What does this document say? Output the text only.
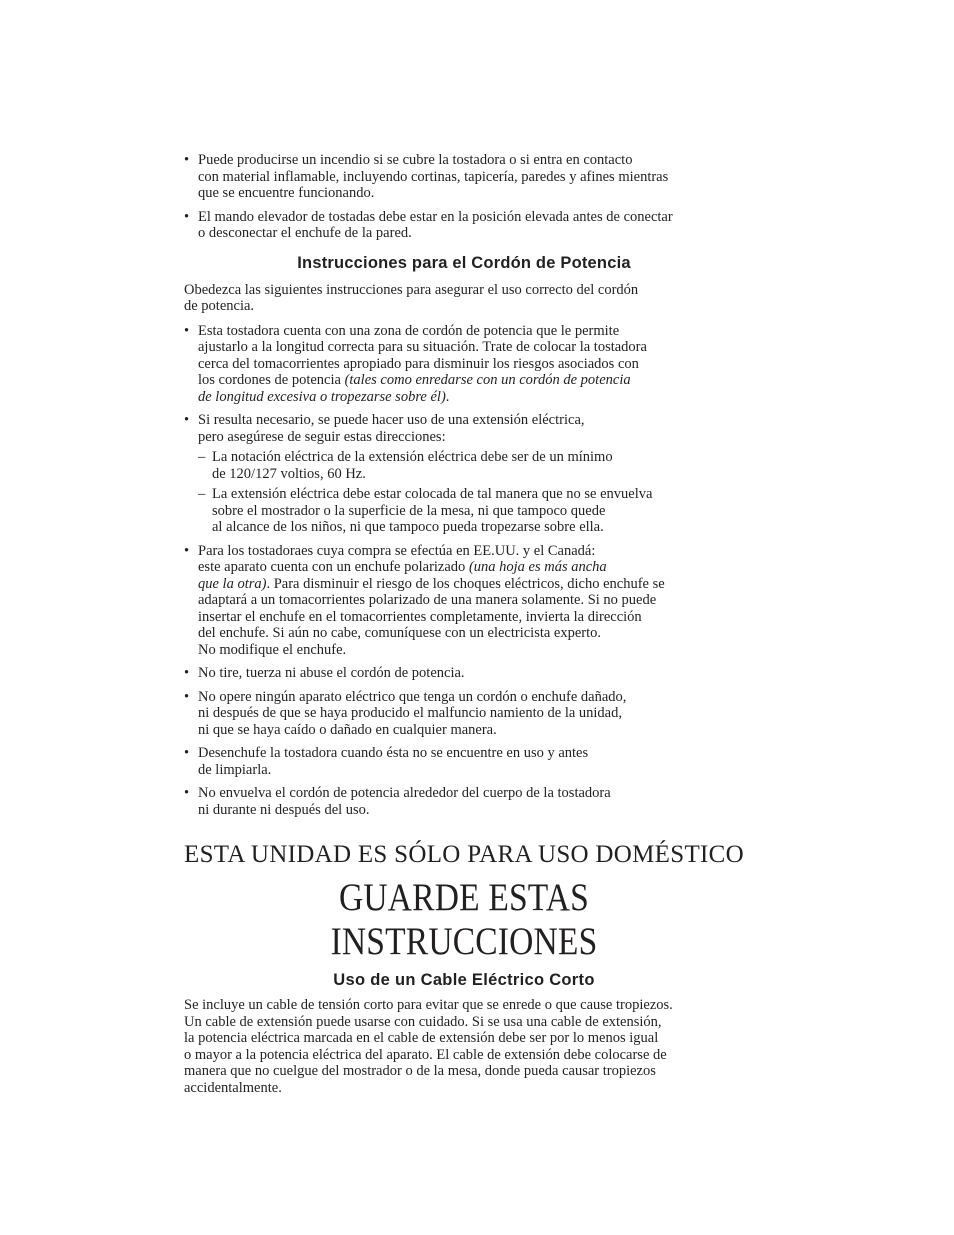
• Puede producirse un incendio si se cubre la tostadora o si entra en contacto
con material inflamable, incluyendo cortinas, tapicería, paredes y afines mientras
que se encuentre funcionando.
• El mando elevador de tostadas debe estar en la posición elevada antes de conectar
o desconectar el enchufe de la pared.
Instrucciones para el Cordón de Potencia
Obedezca las siguientes instrucciones para asegurar el uso correcto del cordón
de potencia.
• Esta tostadora cuenta con una zona de cordón de potencia que le permite
ajustarlo a la longitud correcta para su situación. Trate de colocar la tostadora
cerca del tomacorrientes apropiado para disminuir los riesgos asociados con
los cordones de potencia (tales como enredarse con un cordón de potencia
de longitud excesiva o tropezarse sobre él).
• Si resulta necesario, se puede hacer uso de una extensión eléctrica,
pero asegúrese de seguir estas direcciones:
– La notación eléctrica de la extensión eléctrica debe ser de un mínimo
de 120/127 voltios, 60 Hz.
– La extensión eléctrica debe estar colocada de tal manera que no se envuelva
sobre el mostrador o la superficie de la mesa, ni que tampoco quede
al alcance de los niños, ni que tampoco pueda tropezarse sobre ella.
• Para los tostadoraes cuya compra se efectúa en EE.UU. y el Canadá:
este aparato cuenta con un enchufe polarizado (una hoja es más ancha
que la otra). Para disminuir el riesgo de los choques eléctricos, dicho enchufe se
adaptará a un tomacorrientes polarizado de una manera solamente. Si no puede
insertar el enchufe en el tomacorrientes completamente, invierta la dirección
del enchufe. Si aún no cabe, comuníquese con un electricista experto.
No modifique el enchufe.
• No tire, tuerza ni abuse el cordón de potencia.
• No opere ningún aparato eléctrico que tenga un cordón o enchufe dañado,
ni después de que se haya producido el malfuncio namiento de la unidad,
ni que se haya caído o dañado en cualquier manera.
• Desenchufe la tostadora cuando ésta no se encuentre en uso y antes
de limpiarla.
• No envuelva el cordón de potencia alrededor del cuerpo de la tostadora
ni durante ni después del uso.
ESTA UNIDAD ES SÓLO PARA USO DOMÉSTICO
GUARDE ESTAS INSTRUCCIONES
Uso de un Cable Eléctrico Corto
Se incluye un cable de tensión corto para evitar que se enrede o que cause tropiezos.
Un cable de extensión puede usarse con cuidado. Si se usa una cable de extensión,
la potencia eléctrica marcada en el cable de extensión debe ser por lo menos igual
o mayor a la potencia eléctrica del aparato. El cable de extensión debe colocarse de
manera que no cuelgue del mostrador o de la mesa, donde pueda causar tropiezos
accidentalmente.
